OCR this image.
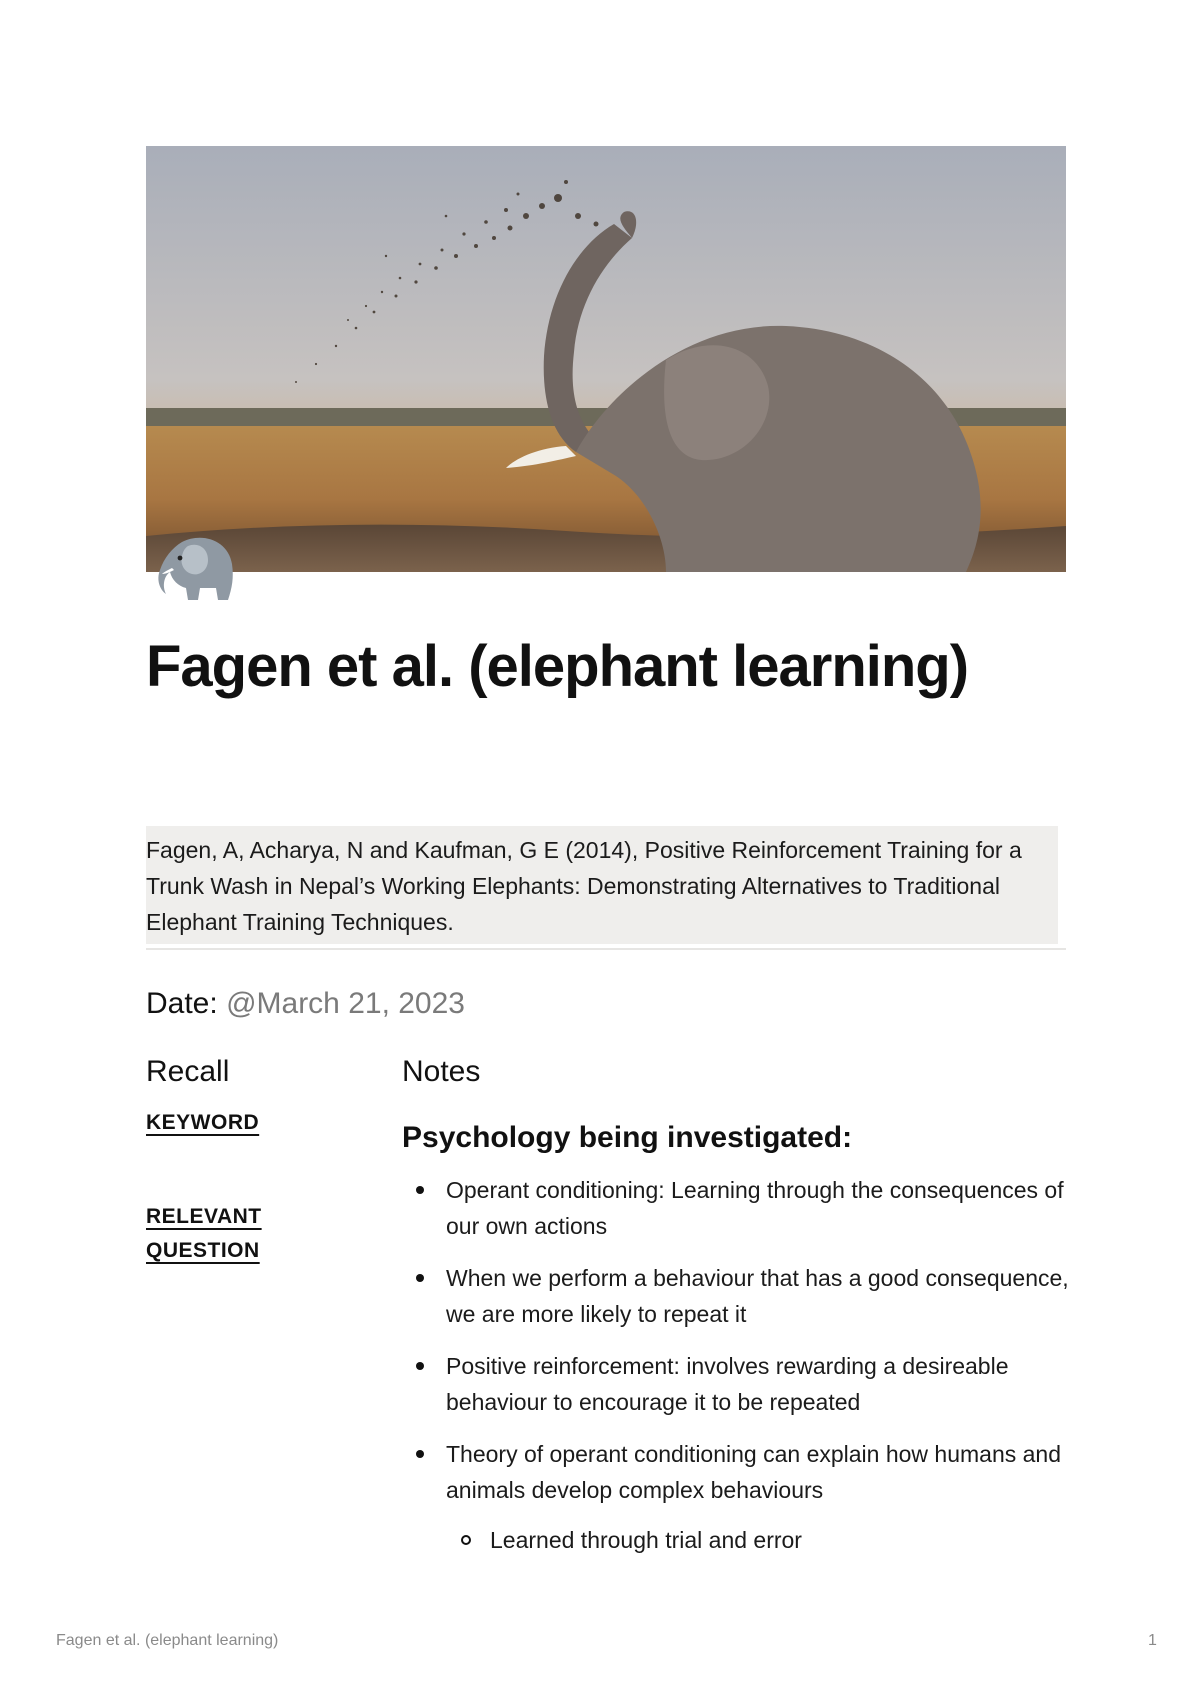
Fagen et al. (elephant learning)
Fagen, A, Acharya, N and Kaufman, G E (2014), Positive Reinforcement Training for a Trunk Wash in Nepal’s Working Elephants: Demonstrating Alternatives to Traditional Elephant Training Techniques.
Date: @March 21, 2023
Recall	Notes
KEYWORD
RELEVANT QUESTION
Psychology being investigated:
Operant conditioning: Learning through the consequences of our own actions
When we perform a behaviour that has a good consequence, we are more likely to repeat it
Positive reinforcement: involves rewarding a desireable behaviour to encourage it to be repeated
Theory of operant conditioning can explain how humans and animals develop complex behaviours
Learned through trial and error
Fagen et al. (elephant learning)	1
